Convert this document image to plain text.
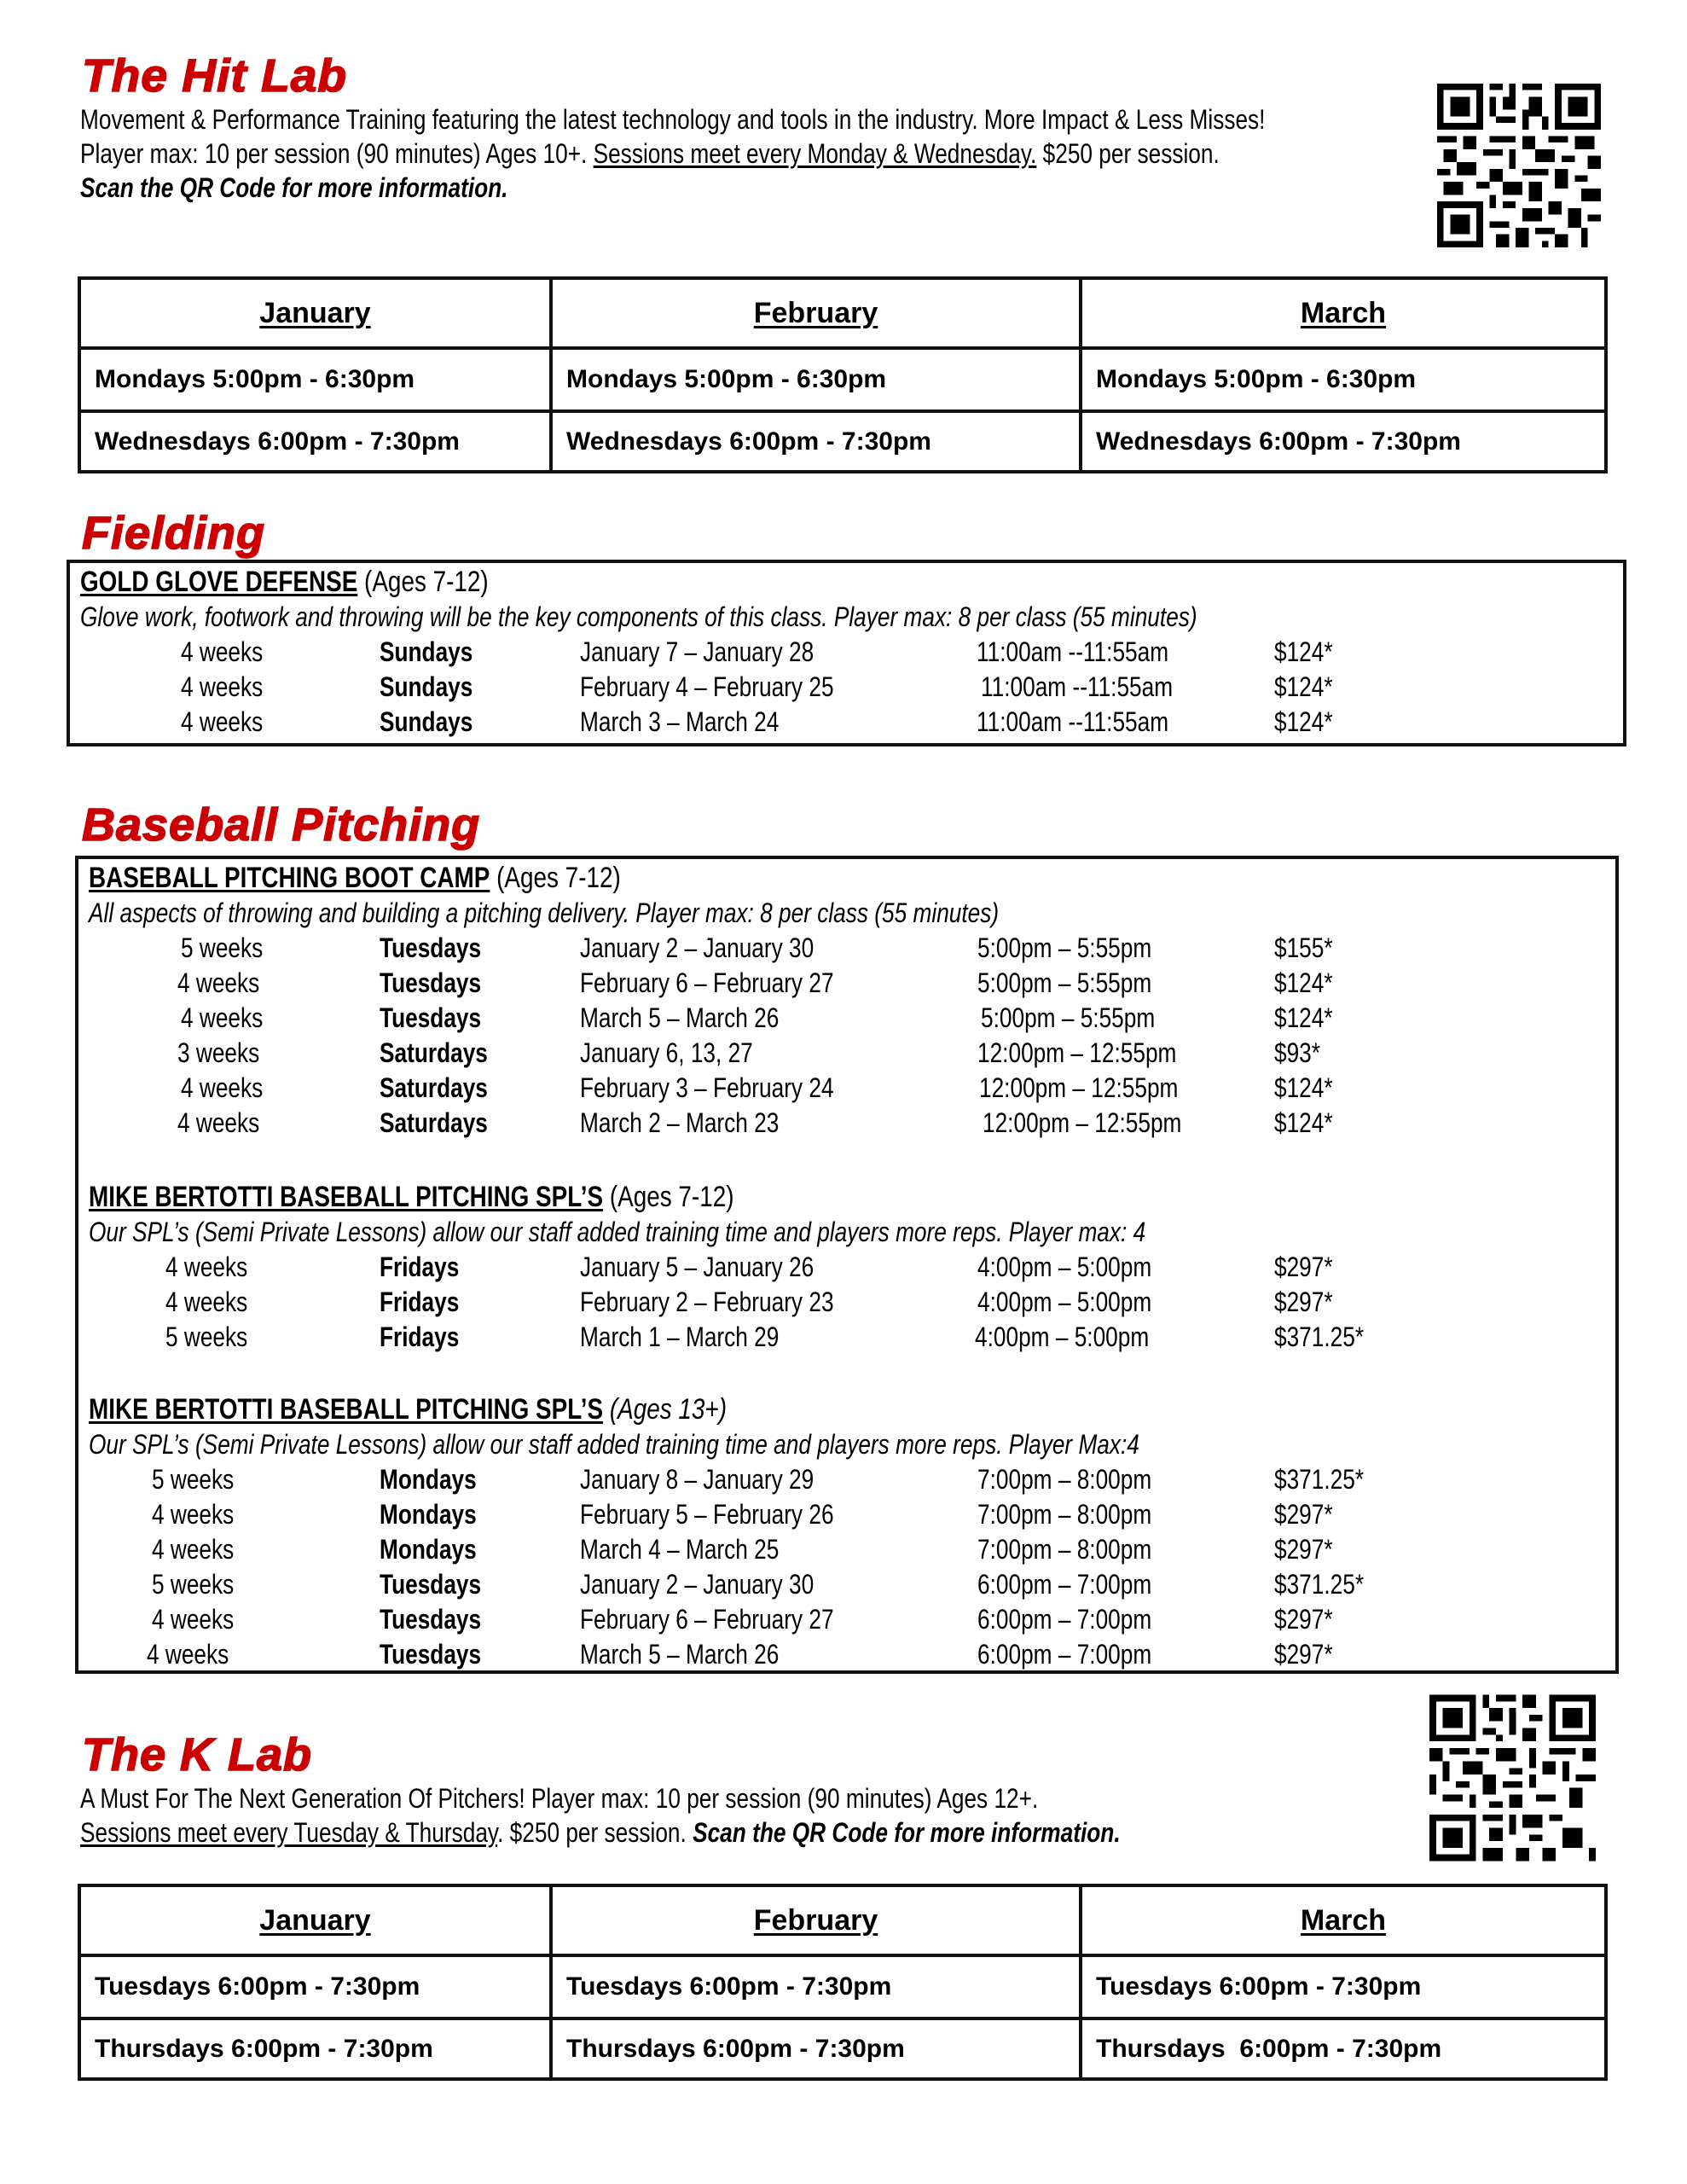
The Hit Lab
Movement & Performance Training featuring the latest technology and tools in the industry. More Impact & Less Misses!
Player max: 10 per session (90 minutes) Ages 10+. Sessions meet every Monday & Wednesday. $250 per session.
Scan the QR Code for more information.
January	February	March
Mondays 5:00pm - 6:30pm	Mondays 5:00pm - 6:30pm	Mondays 5:00pm - 6:30pm
Wednesdays 6:00pm - 7:30pm	Wednesdays 6:00pm - 7:30pm	Wednesdays 6:00pm - 7:30pm
Fielding
GOLD GLOVE DEFENSE (Ages 7-12)
Glove work, footwork and throwing will be the key components of this class. Player max: 8 per class (55 minutes)
4 weeks	Sundays	January 7 – January 28	11:00am --11:55am	$124*
4 weeks	Sundays	February 4 – February 25	11:00am --11:55am	$124*
4 weeks	Sundays	March 3 – March 24	11:00am --11:55am	$124*
Baseball Pitching
BASEBALL PITCHING BOOT CAMP (Ages 7-12)
All aspects of throwing and building a pitching delivery. Player max: 8 per class (55 minutes)
5 weeks	Tuesdays	January 2 – January 30	5:00pm – 5:55pm	$155*
4 weeks	Tuesdays	February 6 – February 27	5:00pm – 5:55pm	$124*
4 weeks	Tuesdays	March 5 – March 26	5:00pm – 5:55pm	$124*
3 weeks	Saturdays	January 6, 13, 27	12:00pm – 12:55pm	$93*
4 weeks	Saturdays	February 3 – February 24	12:00pm – 12:55pm	$124*
4 weeks	Saturdays	March 2 – March 23	12:00pm – 12:55pm	$124*
MIKE BERTOTTI BASEBALL PITCHING SPL’S (Ages 7-12)
Our SPL’s (Semi Private Lessons) allow our staff added training time and players more reps. Player max: 4
4 weeks	Fridays	January 5 – January 26	4:00pm – 5:00pm	$297*
4 weeks	Fridays	February 2 – February 23	4:00pm – 5:00pm	$297*
5 weeks	Fridays	March 1 – March 29	4:00pm – 5:00pm	$371.25*
MIKE BERTOTTI BASEBALL PITCHING SPL’S (Ages 13+)
Our SPL’s (Semi Private Lessons) allow our staff added training time and players more reps. Player Max:4
5 weeks	Mondays	January 8 – January 29	7:00pm – 8:00pm	$371.25*
4 weeks	Mondays	February 5 – February 26	7:00pm – 8:00pm	$297*
4 weeks	Mondays	March 4 – March 25	7:00pm – 8:00pm	$297*
5 weeks	Tuesdays	January 2 – January 30	6:00pm – 7:00pm	$371.25*
4 weeks	Tuesdays	February 6 – February 27	6:00pm – 7:00pm	$297*
4 weeks	Tuesdays	March 5 – March 26	6:00pm – 7:00pm	$297*
The K Lab
A Must For The Next Generation Of Pitchers! Player max: 10 per session (90 minutes) Ages 12+.
Sessions meet every Tuesday & Thursday. $250 per session. Scan the QR Code for more information.
January	February	March
Tuesdays 6:00pm - 7:30pm	Tuesdays 6:00pm - 7:30pm	Tuesdays 6:00pm - 7:30pm
Thursdays 6:00pm - 7:30pm	Thursdays 6:00pm - 7:30pm	Thursdays  6:00pm - 7:30pm
